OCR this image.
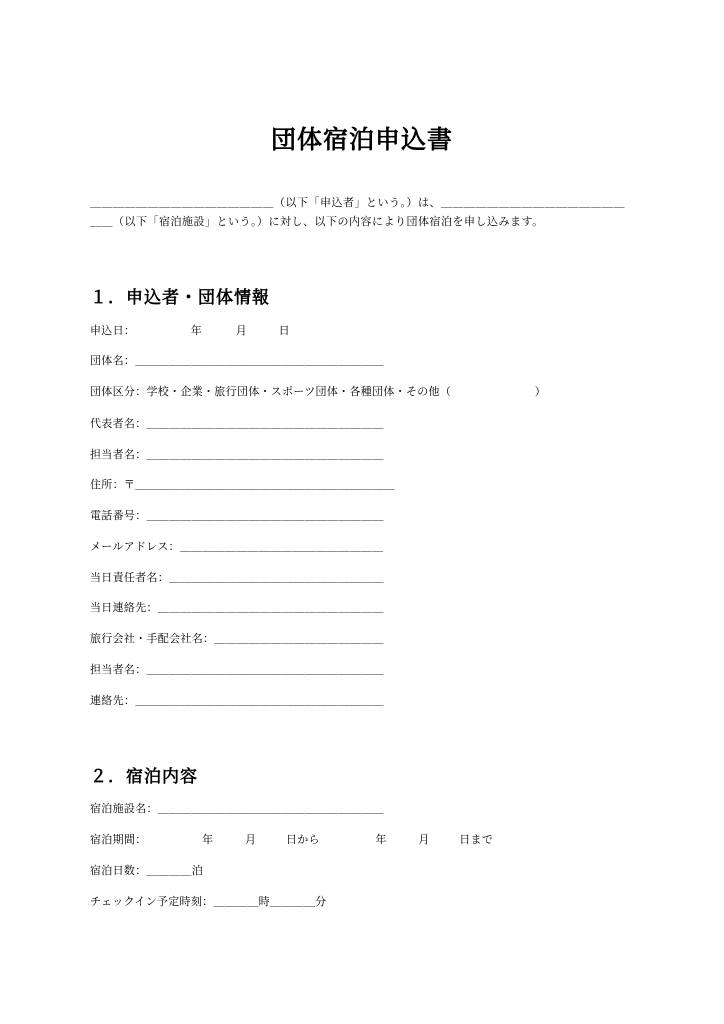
団体宿泊申込書
＿＿＿＿＿＿＿＿＿＿＿＿＿＿＿＿（以下「申込者」という。）は、＿＿＿＿＿＿＿＿＿＿＿＿＿＿＿＿
＿＿（以下「宿泊施設」という。）に対し、以下の内容により団体宿泊を申し込みます。
１．申込者・団体情報
申込日：	年	月	日
団体名：＿＿＿＿＿＿＿＿＿＿＿＿＿＿＿＿＿＿＿＿＿＿
団体区分：学校・企業・旅行団体・スポーツ団体・各種団体・その他（	）
代表者名：＿＿＿＿＿＿＿＿＿＿＿＿＿＿＿＿＿＿＿＿＿
担当者名：＿＿＿＿＿＿＿＿＿＿＿＿＿＿＿＿＿＿＿＿＿
住所：〒＿＿＿＿＿＿＿＿＿＿＿＿＿＿＿＿＿＿＿＿＿＿＿
電話番号：＿＿＿＿＿＿＿＿＿＿＿＿＿＿＿＿＿＿＿＿＿
メールアドレス：＿＿＿＿＿＿＿＿＿＿＿＿＿＿＿＿＿＿
当日責任者名：＿＿＿＿＿＿＿＿＿＿＿＿＿＿＿＿＿＿＿
当日連絡先：＿＿＿＿＿＿＿＿＿＿＿＿＿＿＿＿＿＿＿＿
旅行会社・手配会社名：＿＿＿＿＿＿＿＿＿＿＿＿＿＿＿
担当者名：＿＿＿＿＿＿＿＿＿＿＿＿＿＿＿＿＿＿＿＿＿
連絡先：＿＿＿＿＿＿＿＿＿＿＿＿＿＿＿＿＿＿＿＿＿＿
２．宿泊内容
宿泊施設名：＿＿＿＿＿＿＿＿＿＿＿＿＿＿＿＿＿＿＿＿
宿泊期間：	年	月	日から	年	月	日まで
宿泊日数：＿＿＿＿泊
チェックイン予定時刻：＿＿＿＿時＿＿＿＿分
